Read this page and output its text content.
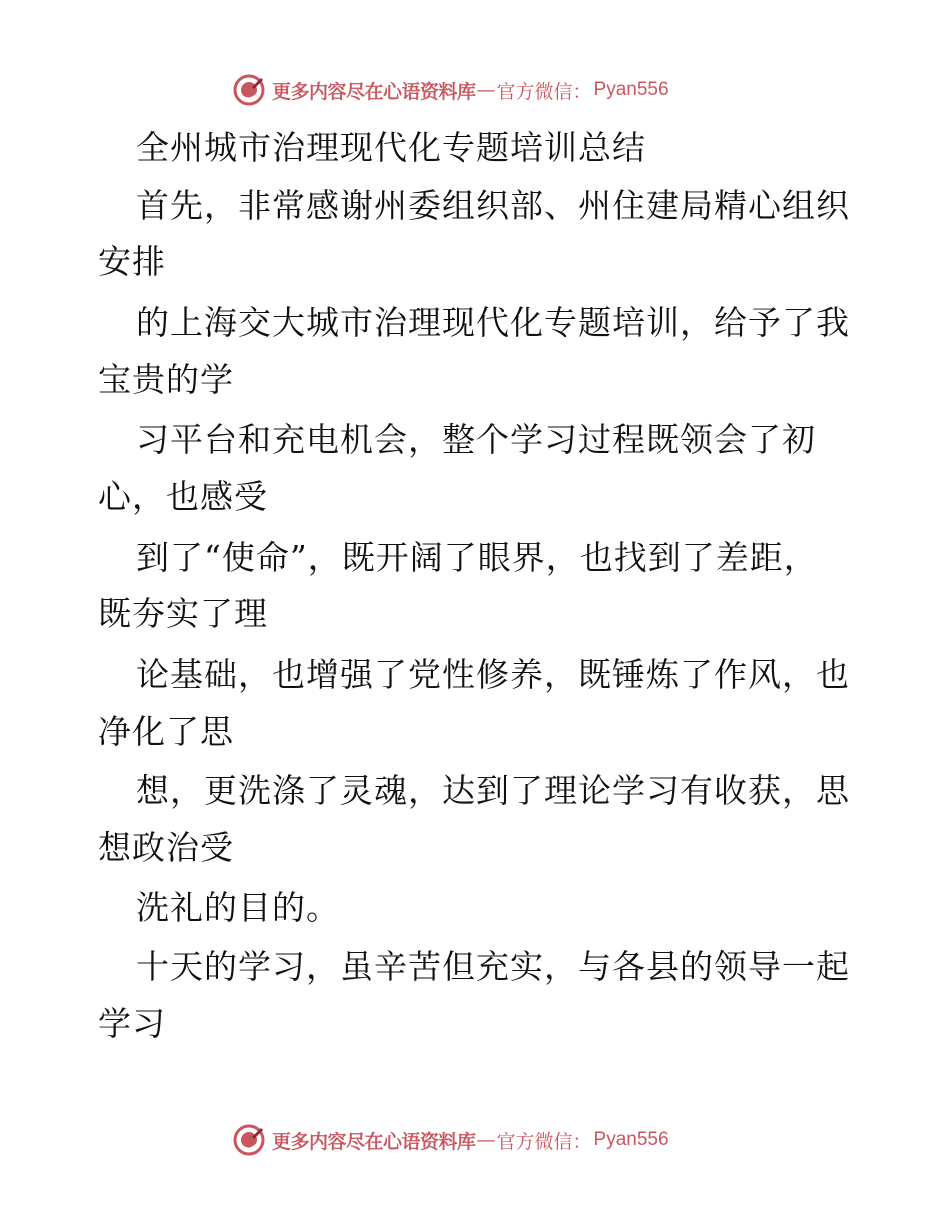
更多内容尽在心语资料库 — 官方微信： Pyan556
全州城市治理现代化专题培训总结
首先，非常感谢州委组织部、州住建局精心组织
安排
的上海交大城市治理现代化专题培训，给予了我
宝贵的学
习平台和充电机会，整个学习过程既领会了初
心，也感受
到了“使命”，既开阔了眼界，也找到了差距，
既夯实了理
论基础，也增强了党性修养，既锤炼了作风，也
净化了思
想，更洗涤了灵魂，达到了理论学习有收获，思
想政治受
洗礼的目的。
十天的学习，虽辛苦但充实，与各县的领导一起
学习
更多内容尽在心语资料库 — 官方微信： Pyan556
